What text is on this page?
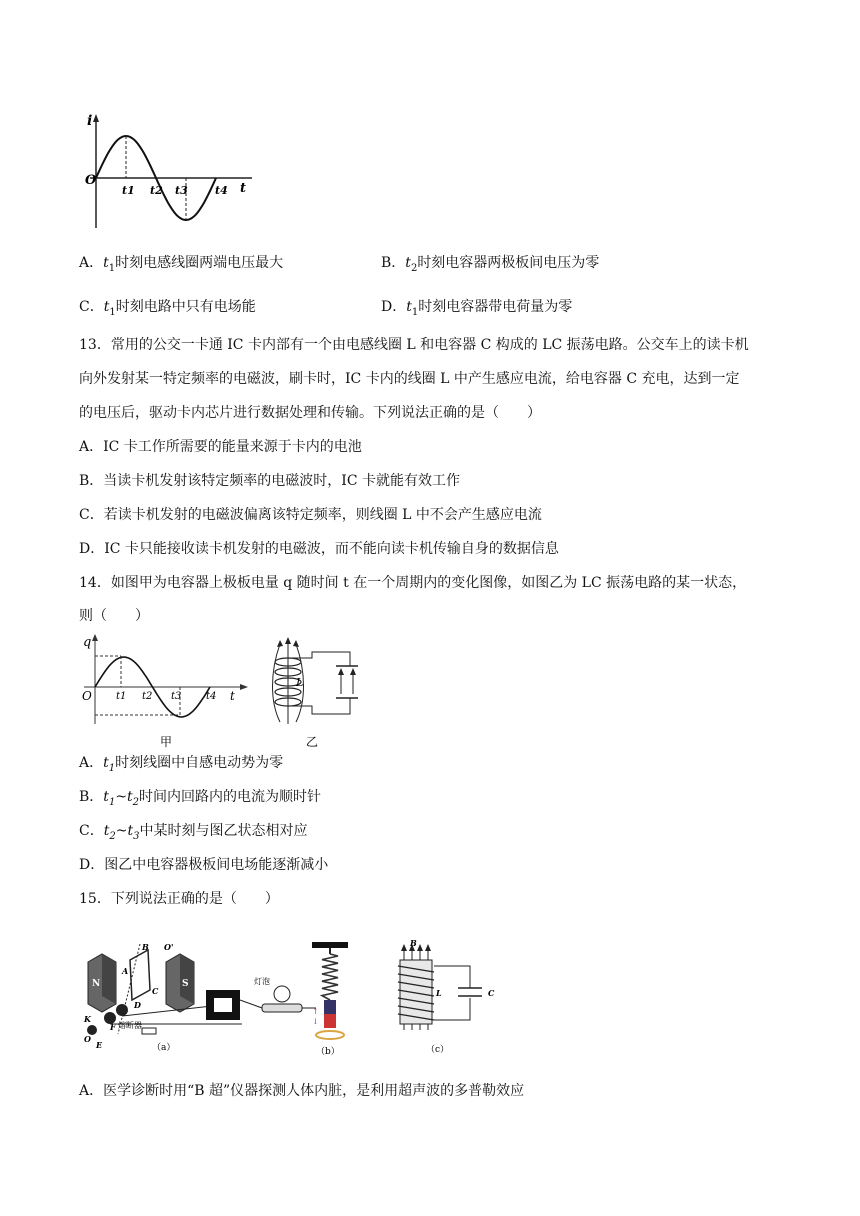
i
O
t
t1 t2 t3 t4
A．$t_1$时刻电感线圈两端电压最大	B．$t_2$时刻电容器两极板间电压为零
C．$t_1$时刻电路中只有电场能	D．$t_1$时刻电容器带电荷量为零
13．常用的公交一卡通 IC 卡内部有一个由电感线圈 L 和电容器 C 构成的 LC 振荡电路。公交车上的读卡机
向外发射某一特定频率的电磁波，刷卡时，IC 卡内的线圈 L 中产生感应电流，给电容器 C 充电，达到一定
的电压后，驱动卡内芯片进行数据处理和传输。下列说法正确的是（　　）
A．IC 卡工作所需要的能量来源于卡内的电池
B．当读卡机发射该特定频率的电磁波时，IC 卡就能有效工作
C．若读卡机发射的电磁波偏离该特定频率，则线圈 L 中不会产生感应电流
D．IC 卡只能接收读卡机发射的电磁波，而不能向读卡机传输自身的数据信息
14．如图甲为电容器上极板电量 q 随时间 t 在一个周期内的变化图像，如图乙为 LC 振荡电路的某一状态，
则（　　）
q
O	t
t1 t2 t3 t4
甲
L
乙
A．$t_1$时刻线圈中自感电动势为零
B．$t_1\sim t_2$时间内回路内的电流为顺时针
C．$t_2\sim t_3$中某时刻与图乙状态相对应
D．图乙中电容器极板间电场能逐渐减小
15．下列说法正确的是（　　）
N	S
B O'
A
C
D
K
F
E
O
熔断器
灯泡
（a）
↑
↓
（b）
B
L	C
（c）
A．医学诊断时用“B 超”仪器探测人体内脏，是利用超声波的多普勒效应
